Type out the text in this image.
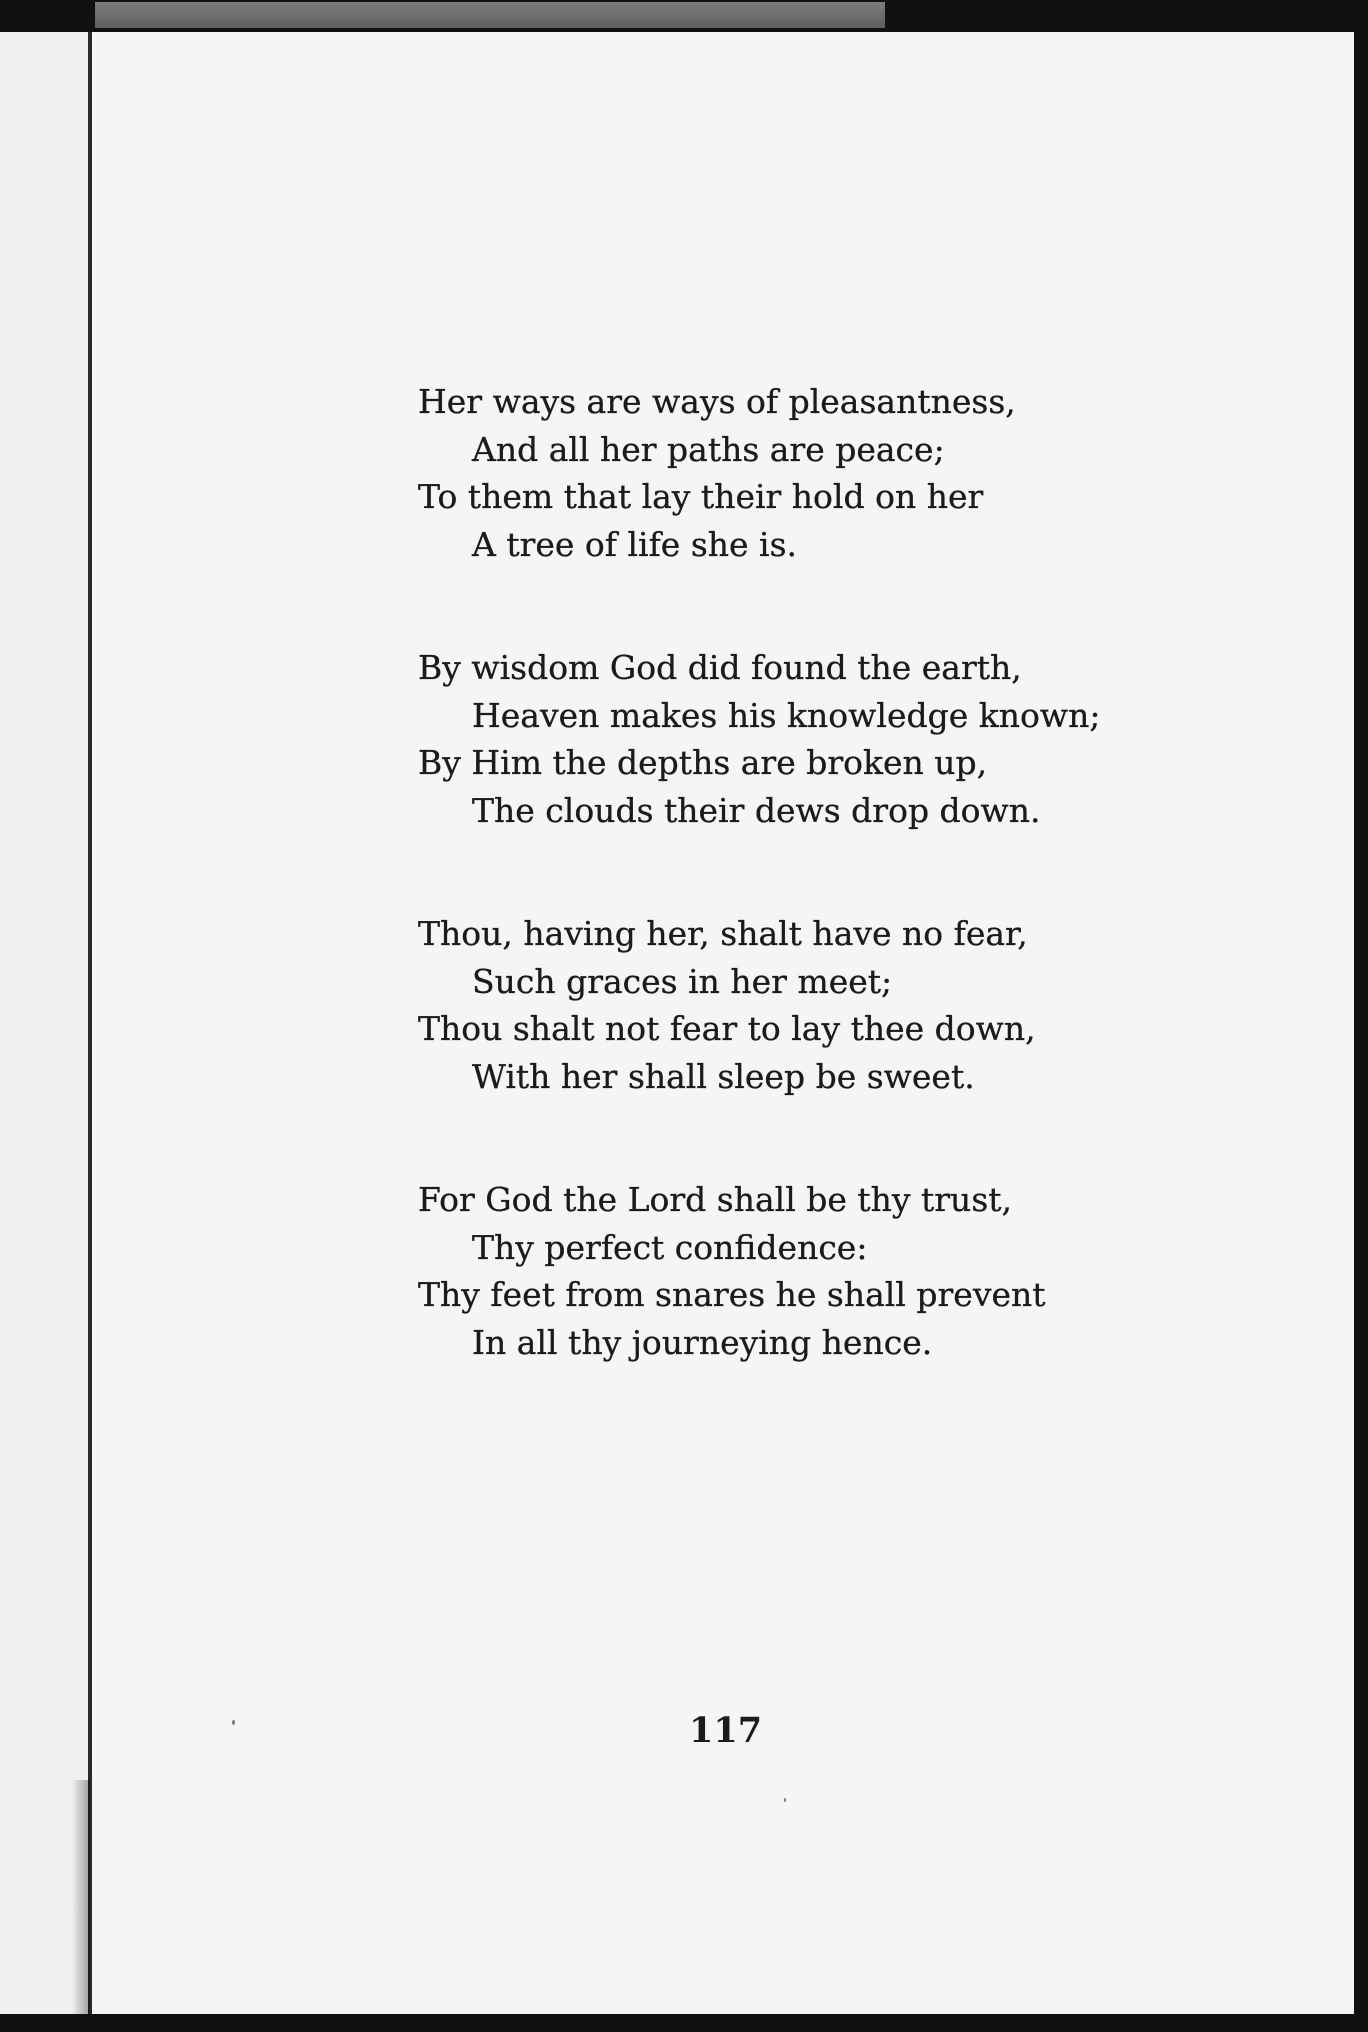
Her ways are ways of pleasantness,
And all her paths are peace;
To them that lay their hold on her
A tree of life she is.
By wisdom God did found the earth,
Heaven makes his knowledge known;
By Him the depths are broken up,
The clouds their dews drop down.
Thou, having her, shalt have no fear,
Such graces in her meet;
Thou shalt not fear to lay thee down,
With her shall sleep be sweet.
For God the Lord shall be thy trust,
Thy perfect confidence:
Thy feet from snares he shall prevent
In all thy journeying hence.
117
